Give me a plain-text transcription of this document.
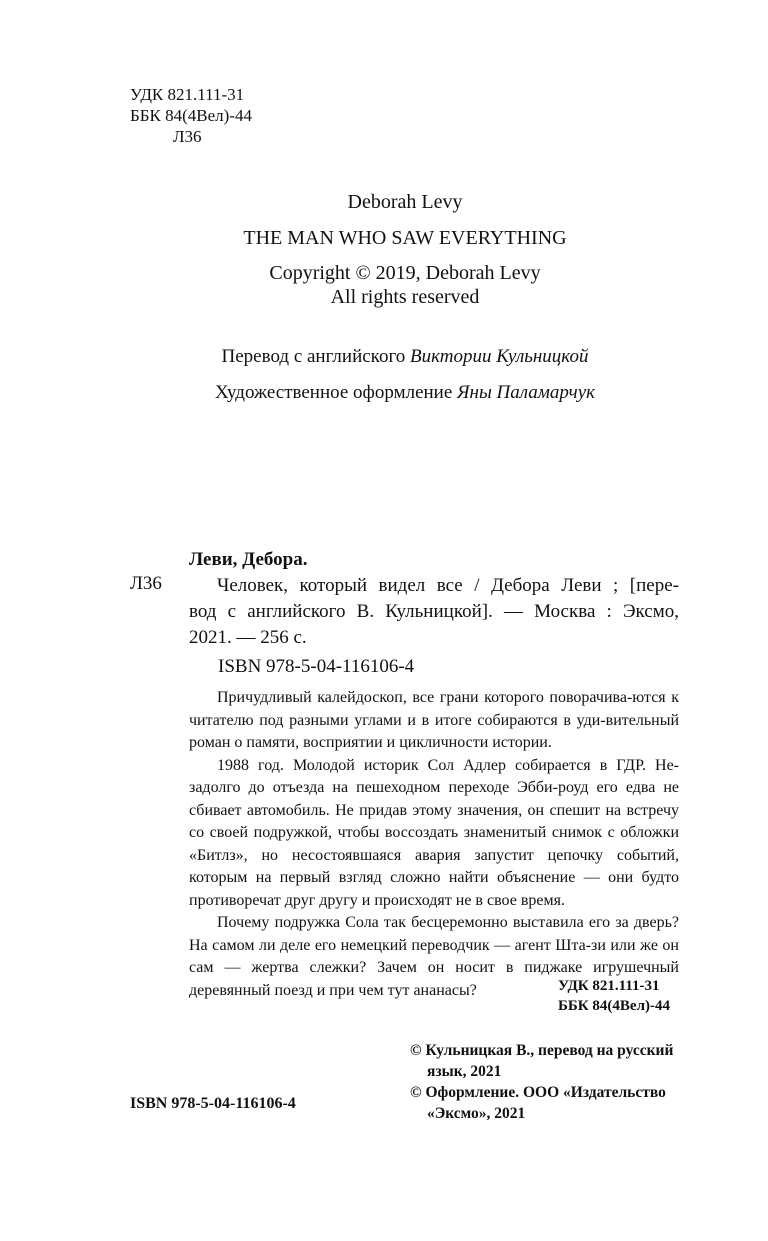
УДК 821.111-31
ББК 84(4Вел)-44
Л36
Deborah Levy
THE MAN WHO SAW EVERYTHING
Copyright © 2019, Deborah Levy
All rights reserved
Перевод с английского Виктории Кульницкой
Художественное оформление Яны Паламарчук
Леви, Дебора.
Л36	Человек, который видел все / Дебора Леви ; [пере-
вод с английского В. Кульницкой]. — Москва : Эксмо,
2021. — 256 с.
ISBN 978-5-04-116106-4

Причудливый калейдоскоп, все грани которого поворачива-ются к читателю под разными углами и в итоге собираются в уди-вительный роман о памяти, восприятии и цикличности истории.

1988 год. Молодой историк Сол Адлер собирается в ГДР. Не-задолго до отъезда на пешеходном переходе Эбби-роуд его едва не сбивает автомобиль. Не придав этому значения, он спешит на встречу со своей подружкой, чтобы воссоздать знаменитый снимок с обложки «Битлз», но несостоявшаяся авария запустит цепочку событий, которым на первый взгляд сложно найти объяснение — они будто противоречат друг другу и происходят не в свое время.

Почему подружка Сола так бесцеремонно выставила его за дверь? На самом ли деле его немецкий переводчик — агент Шта-зи или же он сам — жертва слежки? Зачем он носит в пиджаке игрушечный деревянный поезд и при чем тут ананасы?	УДК 821.111-31
ББК 84(4Вел)-44
© Кульницкая В., перевод на русский язык, 2021
© Оформление. ООО «Издательство «Эксмо», 2021
ISBN 978-5-04-116106-4
